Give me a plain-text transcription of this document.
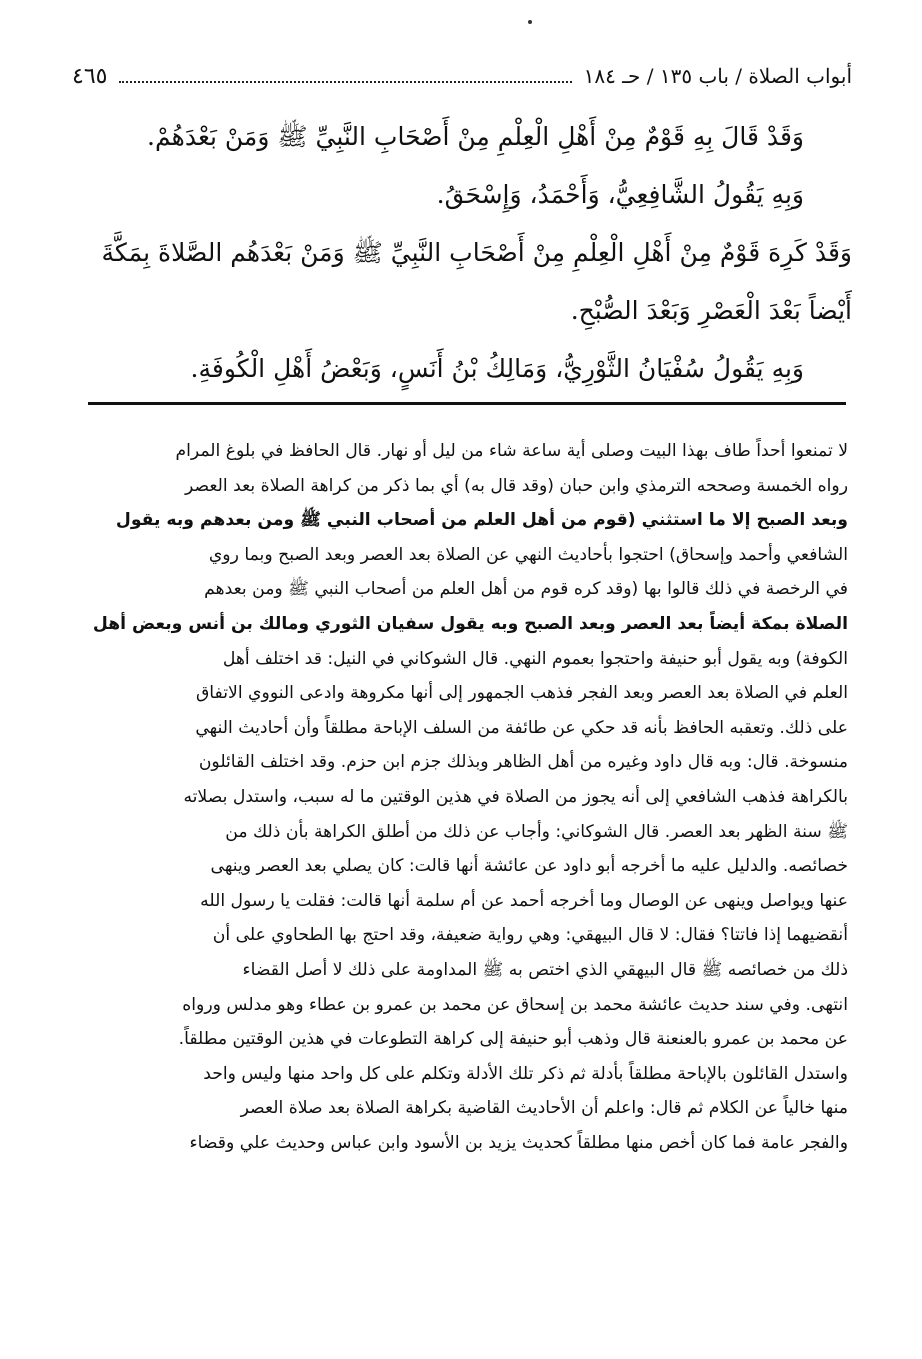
أبواب الصلاة / باب ١٣٥ / حـ ١٨٤
٤٦٥

وَقَدْ قَالَ بِهِ قَوْمٌ مِنْ أَهْلِ الْعِلْمِ مِنْ أَصْحَابِ النَّبِيِّ ﷺ وَمَنْ بَعْدَهُمْ.

وَبِهِ يَقُولُ الشَّافِعِيُّ، وَأَحْمَدُ، وَإِسْحَقُ.

وَقَدْ كَرِهَ قَوْمٌ مِنْ أَهْلِ الْعِلْمِ مِنْ أَصْحَابِ النَّبِيِّ ﷺ وَمَنْ بَعْدَهُم الصَّلاةَ بِمَكَّةَ أَيْضاً بَعْدَ الْعَصْرِ وَبَعْدَ الصُّبْحِ.

وَبِهِ يَقُولُ سُفْيَانُ الثَّوْرِيُّ، وَمَالِكُ بْنُ أَنَسٍ، وَبَعْضُ أَهْلِ الْكُوفَةِ.

لا تمنعوا أحداً طاف بهذا البيت وصلى أية ساعة شاء من ليل أو نهار. قال الحافظ في بلوغ المرام
رواه الخمسة وصححه الترمذي وابن حبان (وقد قال به) أي بما ذكر من كراهة الصلاة بعد العصر
وبعد الصبح إلا ما استثني (قوم من أهل العلم من أصحاب النبي ﷺ ومن بعدهم وبه يقول
الشافعي وأحمد وإسحاق) احتجوا بأحاديث النهي عن الصلاة بعد العصر وبعد الصبح وبما روي
في الرخصة في ذلك قالوا بها (وقد كره قوم من أهل العلم من أصحاب النبي ﷺ ومن بعدهم
الصلاة بمكة أيضاً بعد العصر وبعد الصبح وبه يقول سفيان الثوري ومالك بن أنس وبعض أهل
الكوفة) وبه يقول أبو حنيفة واحتجوا بعموم النهي. قال الشوكاني في النيل: قد اختلف أهل
العلم في الصلاة بعد العصر وبعد الفجر فذهب الجمهور إلى أنها مكروهة وادعى النووي الاتفاق
على ذلك. وتعقبه الحافظ بأنه قد حكي عن طائفة من السلف الإباحة مطلقاً وأن أحاديث النهي
منسوخة. قال: وبه قال داود وغيره من أهل الظاهر وبذلك جزم ابن حزم. وقد اختلف القائلون
بالكراهة فذهب الشافعي إلى أنه يجوز من الصلاة في هذين الوقتين ما له سبب، واستدل بصلاته
ﷺ سنة الظهر بعد العصر. قال الشوكاني: وأجاب عن ذلك من أطلق الكراهة بأن ذلك من
خصائصه. والدليل عليه ما أخرجه أبو داود عن عائشة أنها قالت: كان يصلي بعد العصر وينهى
عنها ويواصل وينهى عن الوصال وما أخرجه أحمد عن أم سلمة أنها قالت: فقلت يا رسول الله
أنقضيهما إذا فاتتا؟ فقال: لا قال البيهقي: وهي رواية ضعيفة، وقد احتج بها الطحاوي على أن
ذلك من خصائصه ﷺ قال البيهقي الذي اختص به ﷺ المداومة على ذلك لا أصل القضاء
انتهى. وفي سند حديث عائشة محمد بن إسحاق عن محمد بن عمرو بن عطاء وهو مدلس ورواه
عن محمد بن عمرو بالعنعنة قال وذهب أبو حنيفة إلى كراهة التطوعات في هذين الوقتين مطلقاً.
واستدل القائلون بالإباحة مطلقاً بأدلة ثم ذكر تلك الأدلة وتكلم على كل واحد منها وليس واحد
منها خالياً عن الكلام ثم قال: واعلم أن الأحاديث القاضية بكراهة الصلاة بعد صلاة العصر
والفجر عامة فما كان أخص منها مطلقاً كحديث يزيد بن الأسود وابن عباس وحديث علي وقضاء
